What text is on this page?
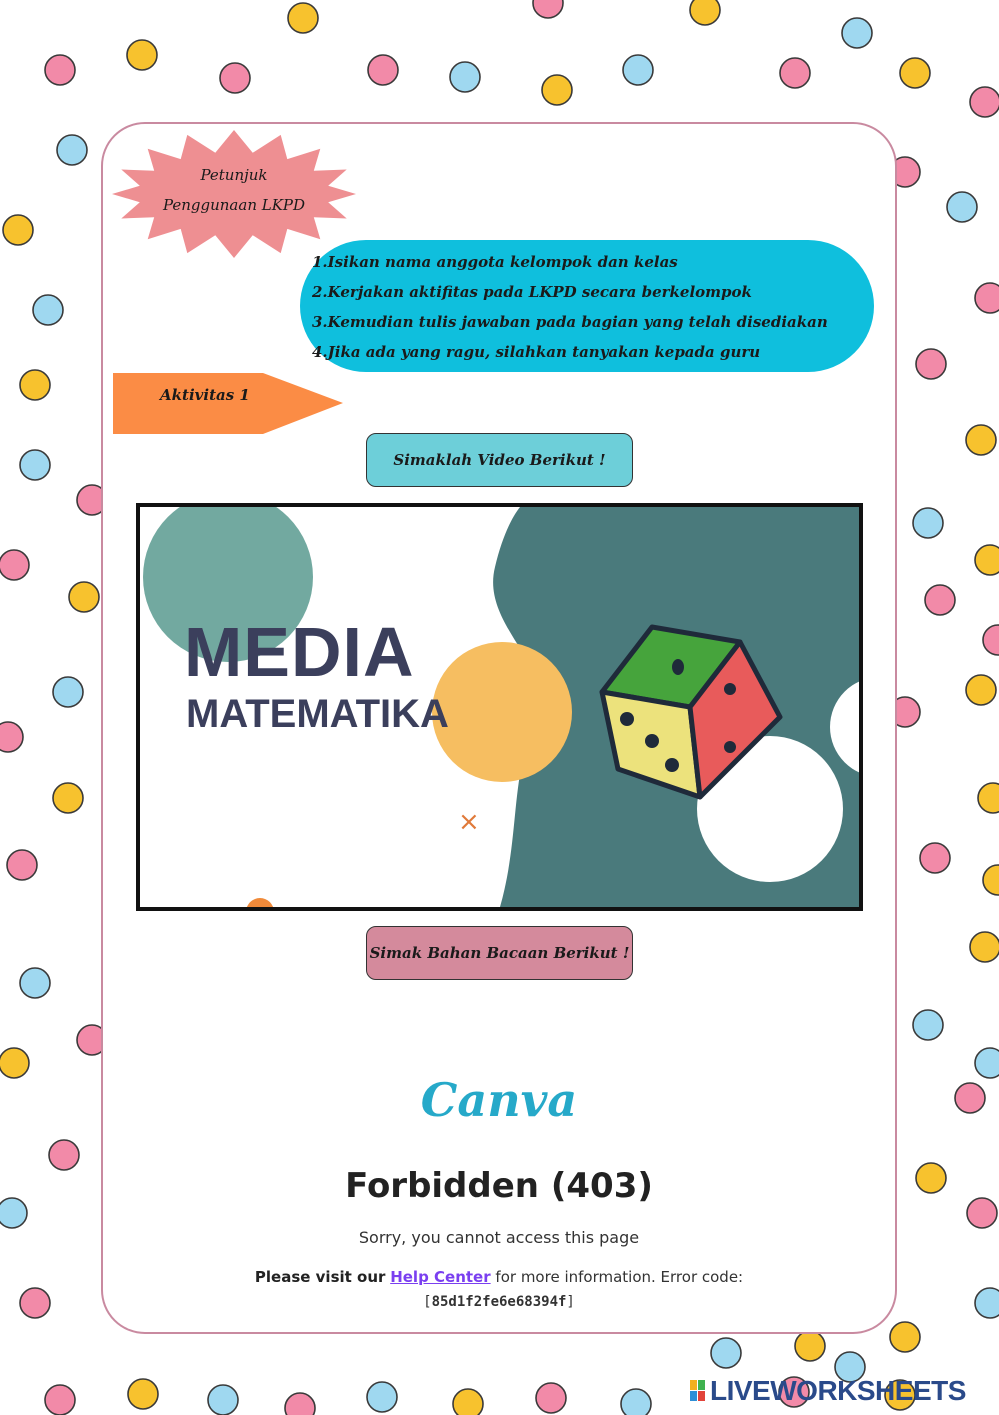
Petunjuk
Penggunaan LKPD
1.Isikan nama anggota kelompok dan kelas
2.Kerjakan aktifitas pada LKPD secara berkelompok
3.Kemudian tulis jawaban pada bagian yang telah disediakan
4.Jika ada yang ragu, silahkan tanyakan kepada guru
Aktivitas 1
Simaklah Video Berikut !
MEDIA
MATEMATIKA
×
Simak Bahan Bacaan Berikut !
Canva
Forbidden (403)
Sorry, you cannot access this page
Please visit our Help Center for more information. Error code:
[85d1f2fe6e68394f]
LIVEWORKSHEETS
